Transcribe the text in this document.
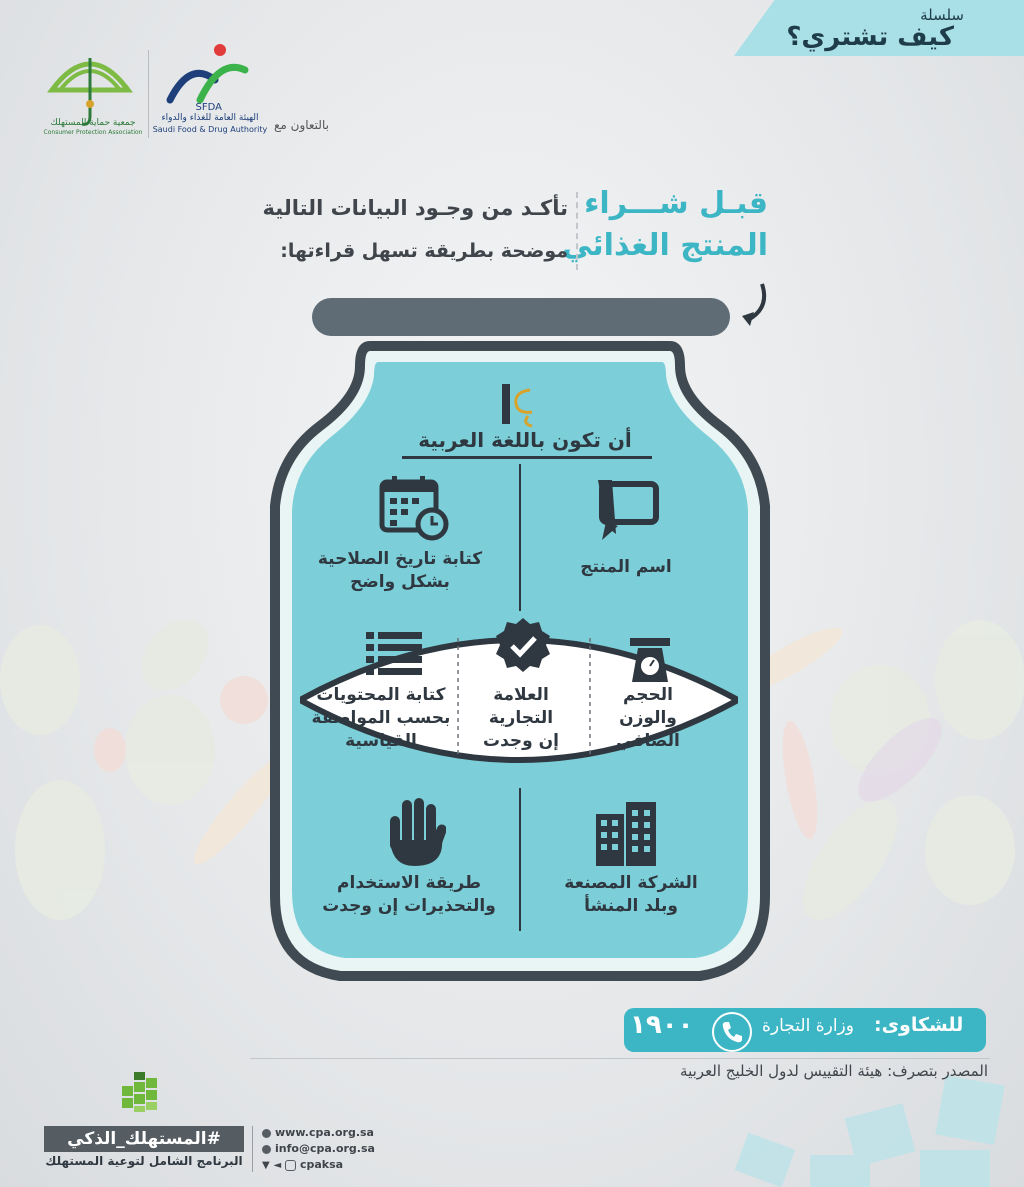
سلسلة
كيف تشتري؟
جمعية حماية المستهلك
Consumer Protection Association
SFDA
الهيئة العامة للغذاء والدواء
Saudi Food & Drug Authority بالتعاون مع
قبـل شـــراء
المنتج الغذائي
تأكـد من وجـود البيانات التالية
موضحة بطريقة تسهل قراءتها:
أن تكون باللغة العربية
اسم المنتج
كتابة تاريخ الصلاحية
بشكل واضح
الحجم
والوزن
الصافي
العلامة
التجارية
إن وجدت
كتابة المحتويات
بحسب المواصفة
القياسية
الشركة المصنعة
وبلد المنشأ
طريقة الاستخدام
والتحذيرات إن وجدت
للشكاوى:
وزارة التجارة
١٩٠٠
المصدر بتصرف: هيئة التقييس لدول الخليج العربية
#المستهلك_الذكي
البرنامج الشامل لتوعية المستهلك
www.cpa.org.sa
info@cpa.org.sa
▼ ◄ cpaksa
